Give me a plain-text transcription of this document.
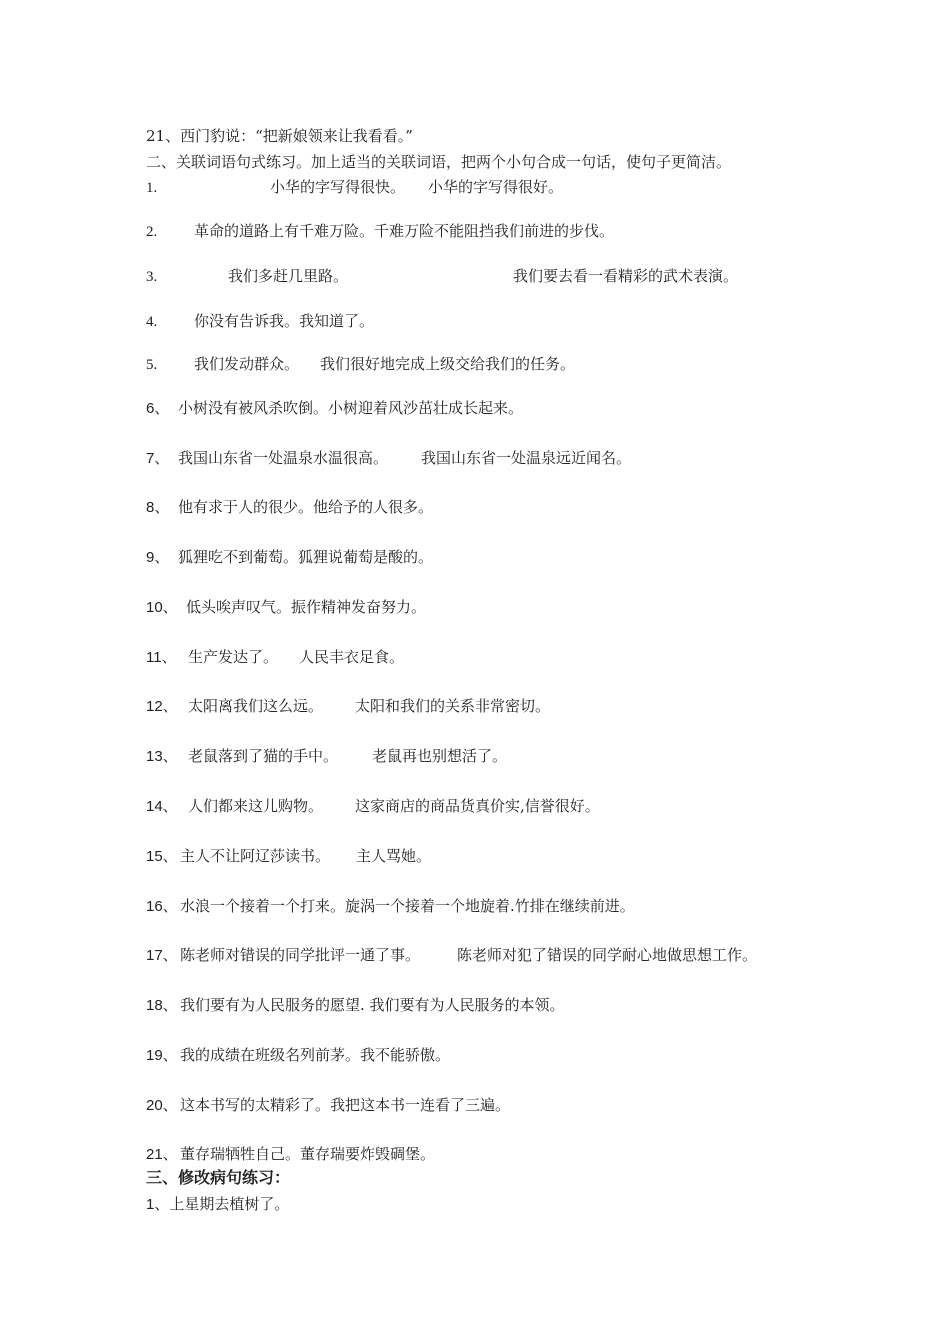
21、西门豹说：“把新娘领来让我看看。”
二、关联词语句式练习。加上适当的关联词语，把两个小句合成一句话，使句子更简洁。
1.	小华的字写得很快。 小华的字写得很好。
2. 革命的道路上有千难万险。千难万险不能阻挡我们前进的步伐。
3.	我们多赶几里路。	我们要去看一看精彩的武术表演。
4. 你没有告诉我。我知道了。
5. 我们发动群众。 我们很好地完成上级交给我们的任务。
6、 小树没有被风杀吹倒。小树迎着风沙茁壮成长起来。
7、 我国山东省一处温泉水温很高。 我国山东省一处温泉远近闻名。
8、 他有求于人的很少。他给予的人很多。
9、 狐狸吃不到葡萄。狐狸说葡萄是酸的。
10、 低头唉声叹气。振作精神发奋努力。
11、 生产发达了。 人民丰衣足食。
12、 太阳离我们这么远。 太阳和我们的关系非常密切。
13、 老鼠落到了猫的手中。 老鼠再也别想活了。
14、 人们都来这儿购物。 这家商店的商品货真价实,信誉很好。
15、 主人不让阿辽莎读书。 主人骂她。
16、 水浪一个接着一个打来。旋涡一个接着一个地旋着.竹排在继续前进。
17、 陈老师对错误的同学批评一通了事。 陈老师对犯了错误的同学耐心地做思想工作。
18、 我们要有为人民服务的愿望. 我们要有为人民服务的本领。
19、 我的成绩在班级名列前茅。我不能骄傲。
20、 这本书写的太精彩了。我把这本书一连看了三遍。
21、 董存瑞牺牲自己。董存瑞要炸毁碉堡。
三、修改病句练习：
1、上星期去植树了。
